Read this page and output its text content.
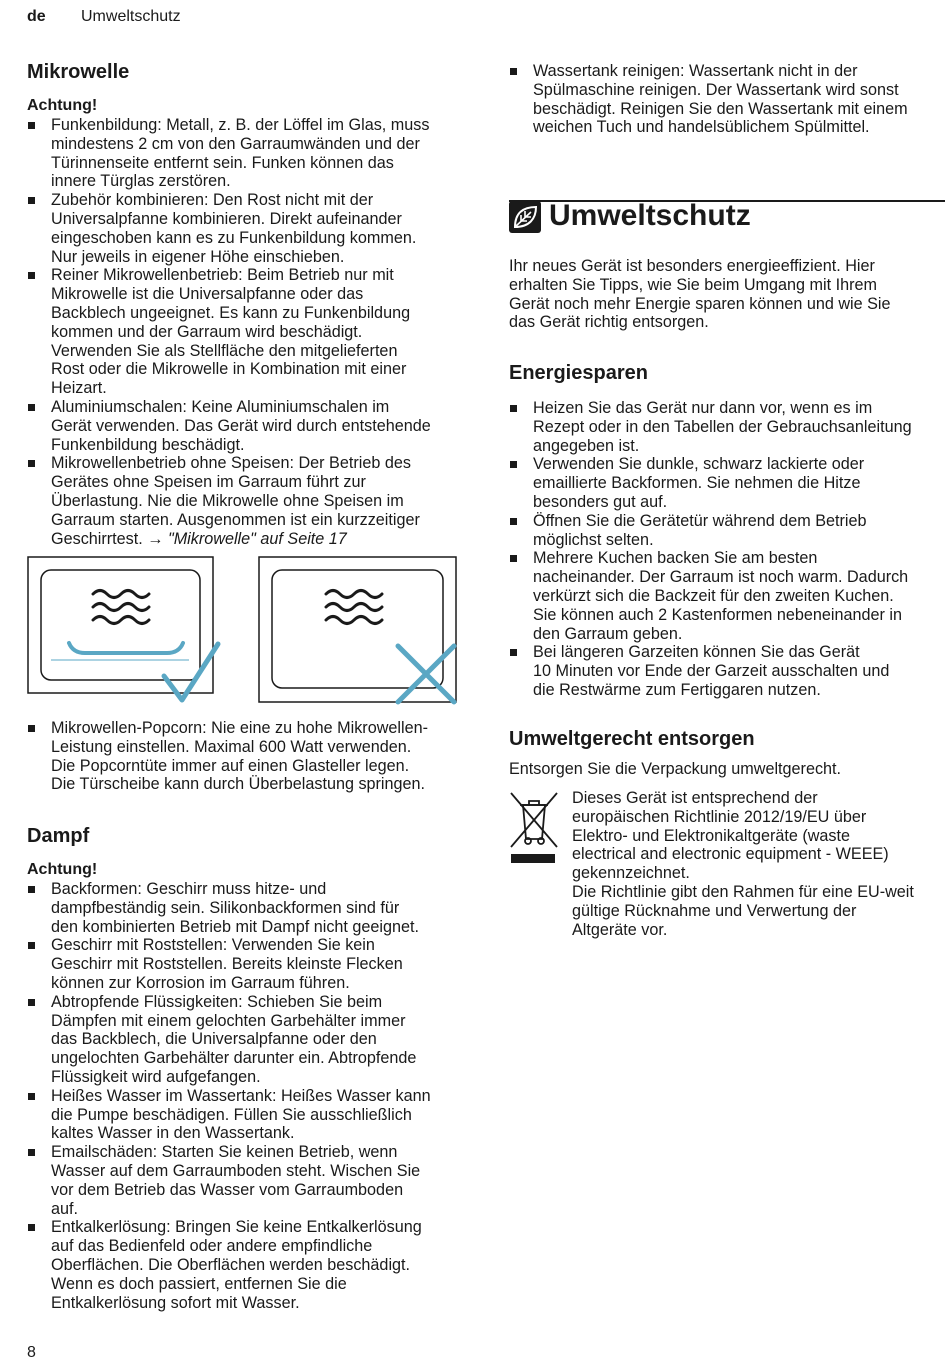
de Umweltschutz
Mikrowelle
Achtung!
Funkenbildung: Metall, z. B. der Löffel im Glas, muss
mindestens 2 cm von den Garraumwänden und der
Türinnenseite entfernt sein. Funken können das
innere Türglas zerstören.
Zubehör kombinieren: Den Rost nicht mit der
Universalpfanne kombinieren. Direkt aufeinander
eingeschoben kann es zu Funkenbildung kommen.
Nur jeweils in eigener Höhe einschieben.
Reiner Mikrowellenbetrieb: Beim Betrieb nur mit
Mikrowelle ist die Universalpfanne oder das
Backblech ungeeignet. Es kann zu Funkenbildung
kommen und der Garraum wird beschädigt.
Verwenden Sie als Stellfläche den mitgelieferten
Rost oder die Mikrowelle in Kombination mit einer
Heizart.
Aluminiumschalen: Keine Aluminiumschalen im
Gerät verwenden. Das Gerät wird durch entstehende
Funkenbildung beschädigt.
Mikrowellenbetrieb ohne Speisen: Der Betrieb des
Gerätes ohne Speisen im Garraum führt zur
Überlastung. Nie die Mikrowelle ohne Speisen im
Garraum starten. Ausgenommen ist ein kurzzeitiger
Geschirrtest. → "Mikrowelle" auf Seite 17
Mikrowellen-Popcorn: Nie eine zu hohe Mikrowellen-
Leistung einstellen. Maximal 600 Watt verwenden.
Die Popcorntüte immer auf einen Glasteller legen.
Die Türscheibe kann durch Überbelastung springen.
Dampf
Achtung!
Backformen: Geschirr muss hitze- und
dampfbeständig sein. Silikonbackformen sind für
den kombinierten Betrieb mit Dampf nicht geeignet.
Geschirr mit Roststellen: Verwenden Sie kein
Geschirr mit Roststellen. Bereits kleinste Flecken
können zur Korrosion im Garraum führen.
Abtropfende Flüssigkeiten: Schieben Sie beim
Dämpfen mit einem gelochten Garbehälter immer
das Backblech, die Universalpfanne oder den
ungelochten Garbehälter darunter ein. Abtropfende
Flüssigkeit wird aufgefangen.
Heißes Wasser im Wassertank: Heißes Wasser kann
die Pumpe beschädigen. Füllen Sie ausschließlich
kaltes Wasser in den Wassertank.
Emailschäden: Starten Sie keinen Betrieb, wenn
Wasser auf dem Garraumboden steht. Wischen Sie
vor dem Betrieb das Wasser vom Garraumboden
auf.
Entkalkerlösung: Bringen Sie keine Entkalkerlösung
auf das Bedienfeld oder andere empfindliche
Oberflächen. Die Oberflächen werden beschädigt.
Wenn es doch passiert, entfernen Sie die
Entkalkerlösung sofort mit Wasser.
Wassertank reinigen: Wassertank nicht in der
Spülmaschine reinigen. Der Wassertank wird sonst
beschädigt. Reinigen Sie den Wassertank mit einem
weichen Tuch und handelsüblichem Spülmittel.
Umweltschutz

Ihr neues Gerät ist besonders energieeffizient. Hier
erhalten Sie Tipps, wie Sie beim Umgang mit Ihrem
Gerät noch mehr Energie sparen können und wie Sie
das Gerät richtig entsorgen.

Energiesparen
Heizen Sie das Gerät nur dann vor, wenn es im
Rezept oder in den Tabellen der Gebrauchsanleitung
angegeben ist.
Verwenden Sie dunkle, schwarz lackierte oder
emaillierte Backformen. Sie nehmen die Hitze
besonders gut auf.
Öffnen Sie die Gerätetür während dem Betrieb
möglichst selten.
Mehrere Kuchen backen Sie am besten
nacheinander. Der Garraum ist noch warm. Dadurch
verkürzt sich die Backzeit für den zweiten Kuchen.
Sie können auch 2 Kastenformen nebeneinander in
den Garraum geben.
Bei längeren Garzeiten können Sie das Gerät
10 Minuten vor Ende der Garzeit ausschalten und
die Restwärme zum Fertiggaren nutzen.
Umweltgerecht entsorgen

Entsorgen Sie die Verpackung umweltgerecht.

Dieses Gerät ist entsprechend der
europäischen Richtlinie 2012/19/EU über
Elektro- und Elektronikaltgeräte (waste
electrical and electronic equipment - WEEE)
gekennzeichnet.
Die Richtlinie gibt den Rahmen für eine EU-weit
gültige Rücknahme und Verwertung der
Altgeräte vor.

8
